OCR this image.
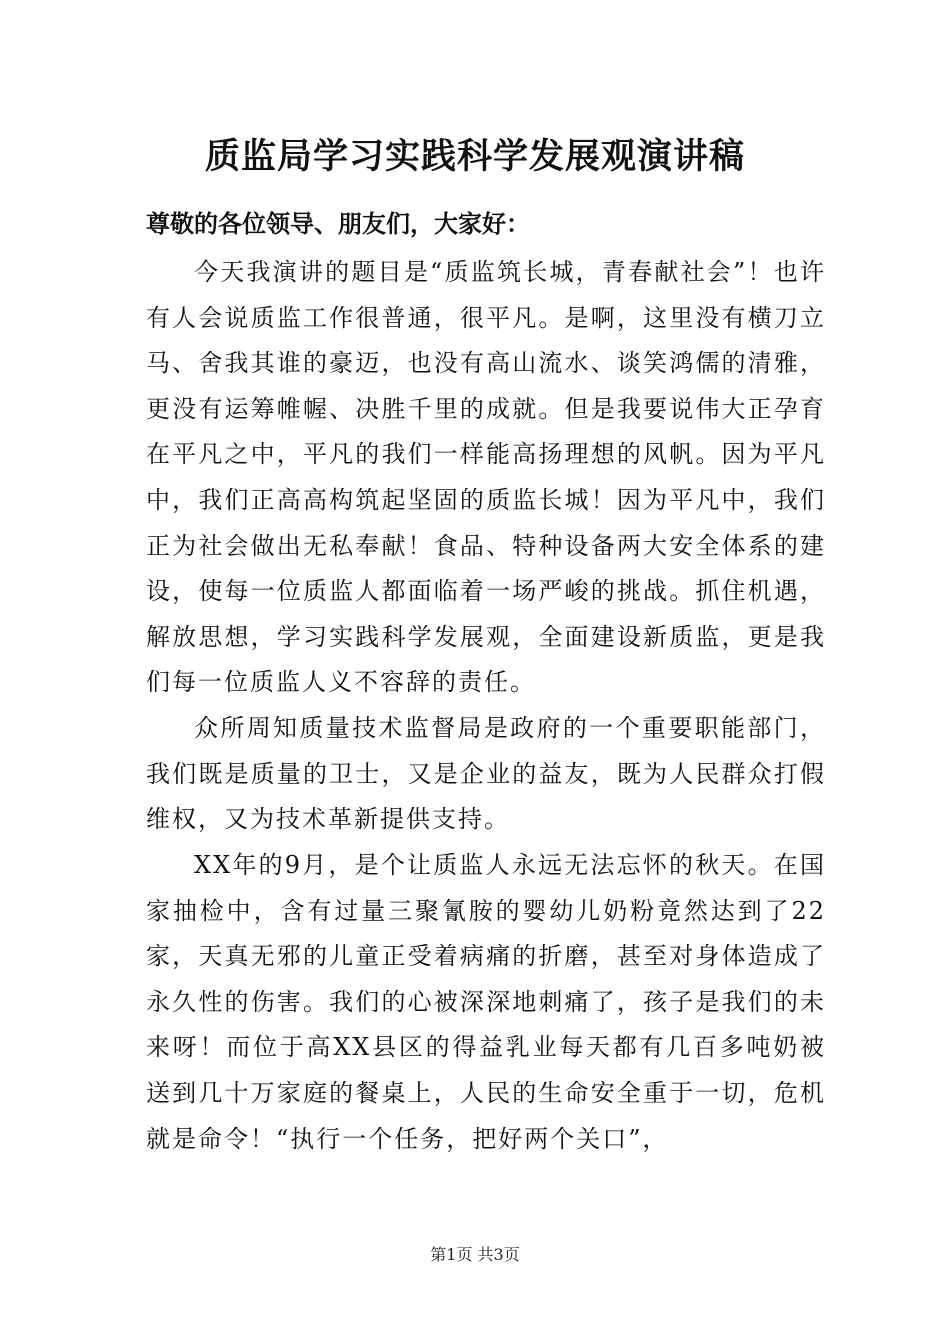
质监局学习实践科学发展观演讲稿
尊敬的各位领导、朋友们，大家好：

今天我演讲的题目是“质监筑长城，青春献社会”！也许有人会说质监工作很普通，很平凡。是啊，这里没有横刀立马、舍我其谁的豪迈，也没有高山流水、谈笑鸿儒的清雅，更没有运筹帷幄、决胜千里的成就。但是我要说伟大正孕育在平凡之中，平凡的我们一样能高扬理想的风帆。因为平凡中，我们正高高构筑起坚固的质监长城！因为平凡中，我们正为社会做出无私奉献！食品、特种设备两大安全体系的建设，使每一位质监人都面临着一场严峻的挑战。抓住机遇，解放思想，学习实践科学发展观，全面建设新质监，更是我们每一位质监人义不容辞的责任。

众所周知质量技术监督局是政府的一个重要职能部门，我们既是质量的卫士，又是企业的益友，既为人民群众打假维权，又为技术革新提供支持。

XX年的9月，是个让质监人永远无法忘怀的秋天。在国家抽检中，含有过量三聚氰胺的婴幼儿奶粉竟然达到了22家，天真无邪的儿童正受着病痛的折磨，甚至对身体造成了永久性的伤害。我们的心被深深地刺痛了，孩子是我们的未来呀！而位于高XX县区的得益乳业每天都有几百多吨奶被送到几十万家庭的餐桌上，人民的生命安全重于一切，危机就是命令！“执行一个任务，把好两个关口”，

第1页 共3页
